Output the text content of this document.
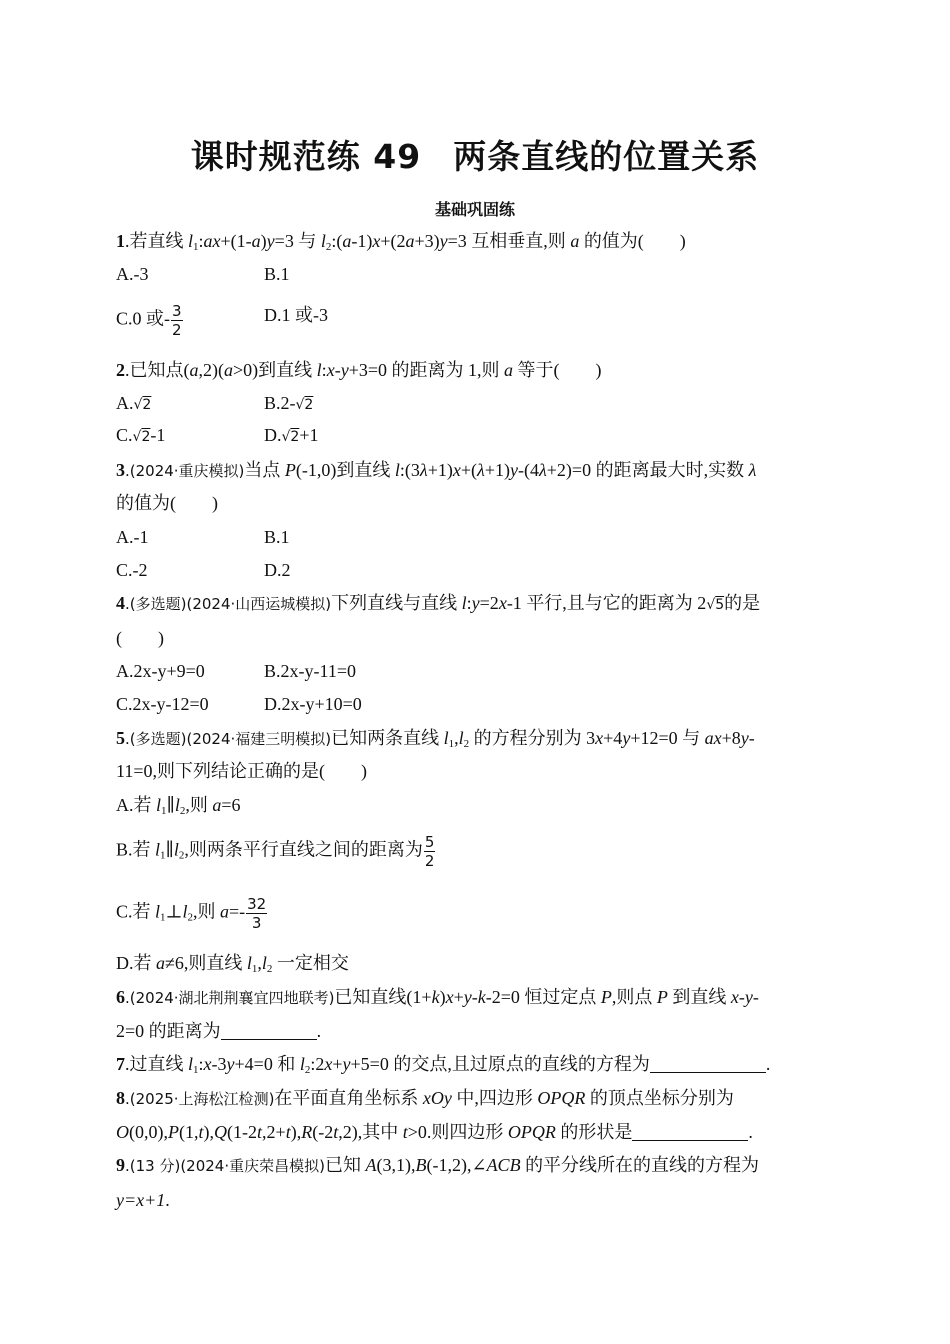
课时规范练 49 两条直线的位置关系
基础巩固练
1.若直线 $l_1:ax+(1-a)y=3$ 与 $l_2:(a-1)x+(2a+3)y=3$ 互相垂直,则 a 的值为(　　)
A.-3	B.1
C.0 或- $\frac{3}{2}$	D.1 或-3
2.已知点(a,2)(a>0)到直线 l:x-y+3=0 的距离为 1,则 a 等于(　　)
A.√2	B.2-√2
C.√2-1	D.√2+1
3.(2024·重庆模拟)当点 P(-1,0)到直线 l:(3λ+1)x+(λ+1)y-(4λ+2)=0 的距离最大时,实数 λ
的值为(　　)
A.-1	B.1
C.-2	D.2
4.(多选题)(2024·山西运城模拟)下列直线与直线 l:y=2x-1 平行,且与它的距离为 2√5的是
(　　)
A.2x-y+9=0	B.2x-y-11=0
C.2x-y-12=0	D.2x-y+10=0
5.(多选题)(2024·福建三明模拟)已知两条直线 $l_1,l_2$ 的方程分别为 3x+4y+12=0 与 ax+8y-
11=0,则下列结论正确的是(　　)
A.若 $l_1\parallel l_2$,则 a=6
B.若 $l_1\parallel l_2$,则两条平行直线之间的距离为 $\frac{5}{2}$
C.若 $l_1\perp l_2$,则 $a=- \frac{32}{3}$
D.若 a≠6,则直线 $l_1,l_2$ 一定相交
6.(2024·湖北荆荆襄宜四地联考)已知直线(1+k)x+y-k-2=0 恒过定点 P,则点 P 到直线 x-y-
2=0 的距离为	.
7.过直线 $l_1:x-3y+4=0$ 和 $l_2:2x+y+5=0$ 的交点,且过原点的直线的方程为	.
8.(2025·上海松江检测)在平面直角坐标系 xOy 中,四边形 OPQR 的顶点坐标分别为
O(0,0),P(1,t),Q(1-2t,2+t),R(-2t,2),其中 t>0.则四边形 OPQR 的形状是	.
9.(13 分)(2024·重庆荣昌模拟)已知 A(3,1),B(-1,2),∠ACB 的平分线所在的直线的方程为
y=x+1.
